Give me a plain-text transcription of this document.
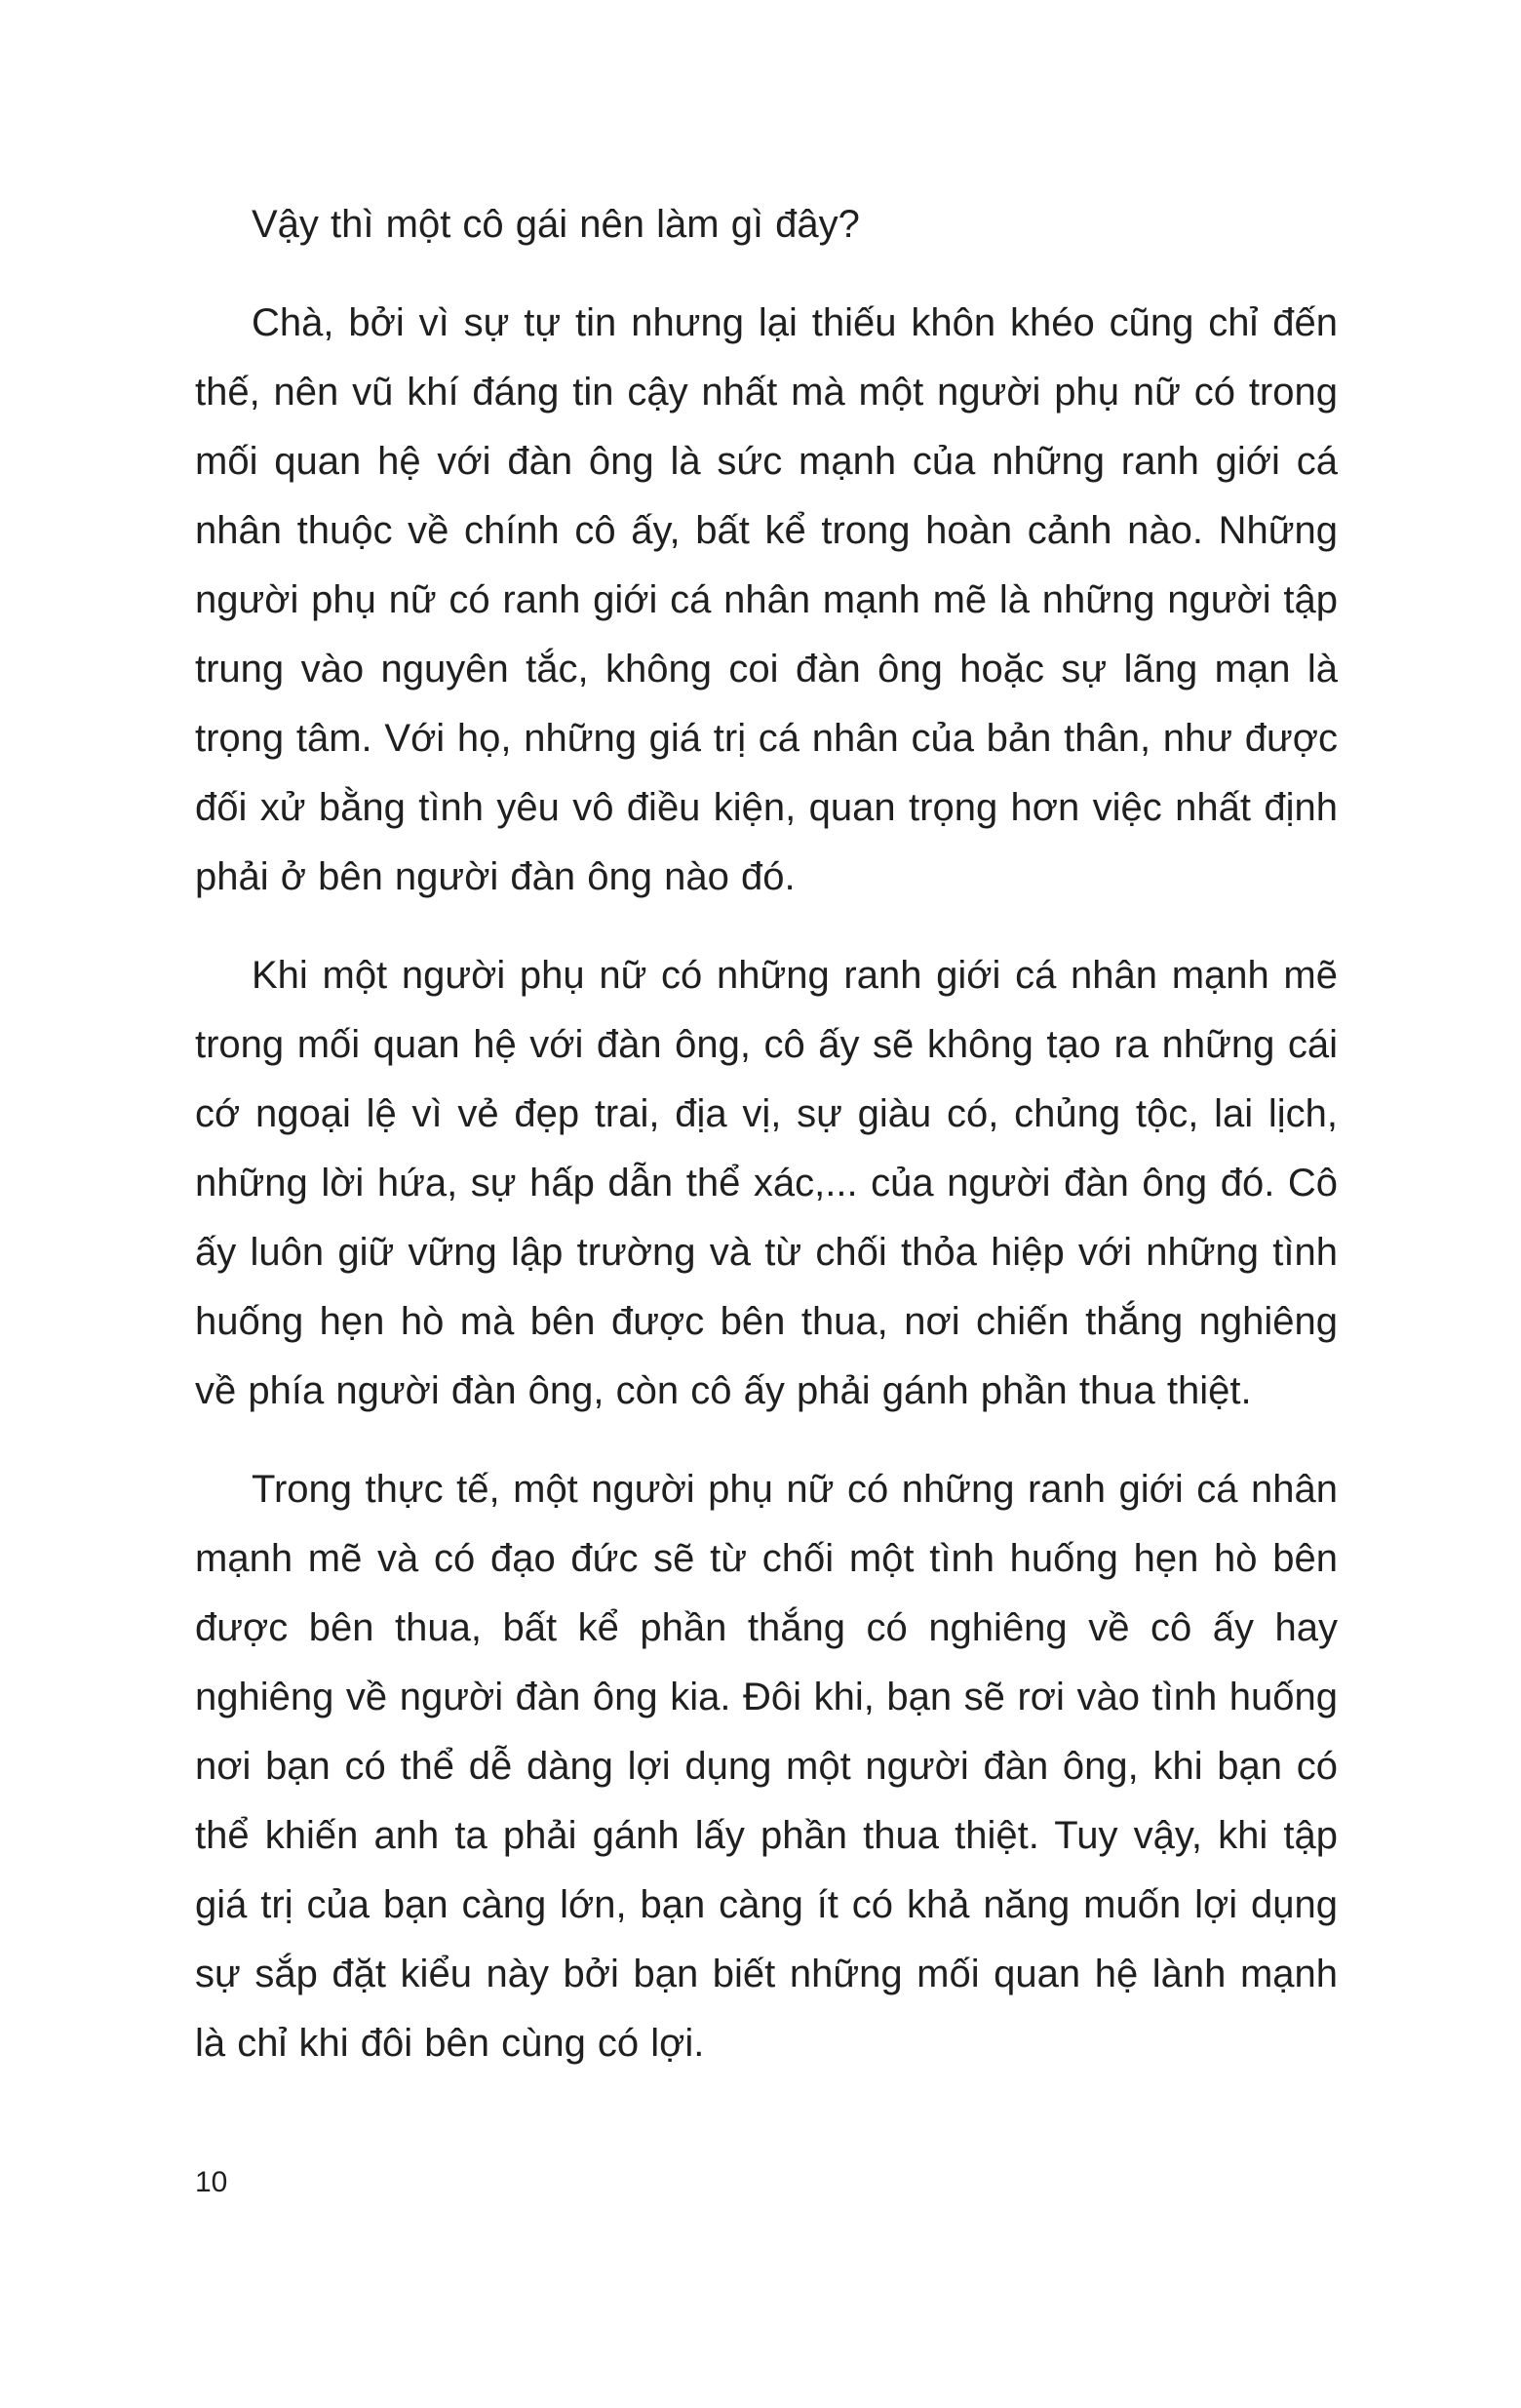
Vậy thì một cô gái nên làm gì đây?

Chà, bởi vì sự tự tin nhưng lại thiếu khôn khéo cũng chỉ đến thế, nên vũ khí đáng tin cậy nhất mà một người phụ nữ có trong mối quan hệ với đàn ông là sức mạnh của những ranh giới cá nhân thuộc về chính cô ấy, bất kể trong hoàn cảnh nào. Những người phụ nữ có ranh giới cá nhân mạnh mẽ là những người tập trung vào nguyên tắc, không coi đàn ông hoặc sự lãng mạn là trọng tâm. Với họ, những giá trị cá nhân của bản thân, như được đối xử bằng tình yêu vô điều kiện, quan trọng hơn việc nhất định phải ở bên người đàn ông nào đó.

Khi một người phụ nữ có những ranh giới cá nhân mạnh mẽ trong mối quan hệ với đàn ông, cô ấy sẽ không tạo ra những cái cớ ngoại lệ vì vẻ đẹp trai, địa vị, sự giàu có, chủng tộc, lai lịch, những lời hứa, sự hấp dẫn thể xác,... của người đàn ông đó. Cô ấy luôn giữ vững lập trường và từ chối thỏa hiệp với những tình huống hẹn hò mà bên được bên thua, nơi chiến thắng nghiêng về phía người đàn ông, còn cô ấy phải gánh phần thua thiệt.

Trong thực tế, một người phụ nữ có những ranh giới cá nhân mạnh mẽ và có đạo đức sẽ từ chối một tình huống hẹn hò bên được bên thua, bất kể phần thắng có nghiêng về cô ấy hay nghiêng về người đàn ông kia. Đôi khi, bạn sẽ rơi vào tình huống nơi bạn có thể dễ dàng lợi dụng một người đàn ông, khi bạn có thể khiến anh ta phải gánh lấy phần thua thiệt. Tuy vậy, khi tập giá trị của bạn càng lớn, bạn càng ít có khả năng muốn lợi dụng sự sắp đặt kiểu này bởi bạn biết những mối quan hệ lành mạnh là chỉ khi đôi bên cùng có lợi.

10
